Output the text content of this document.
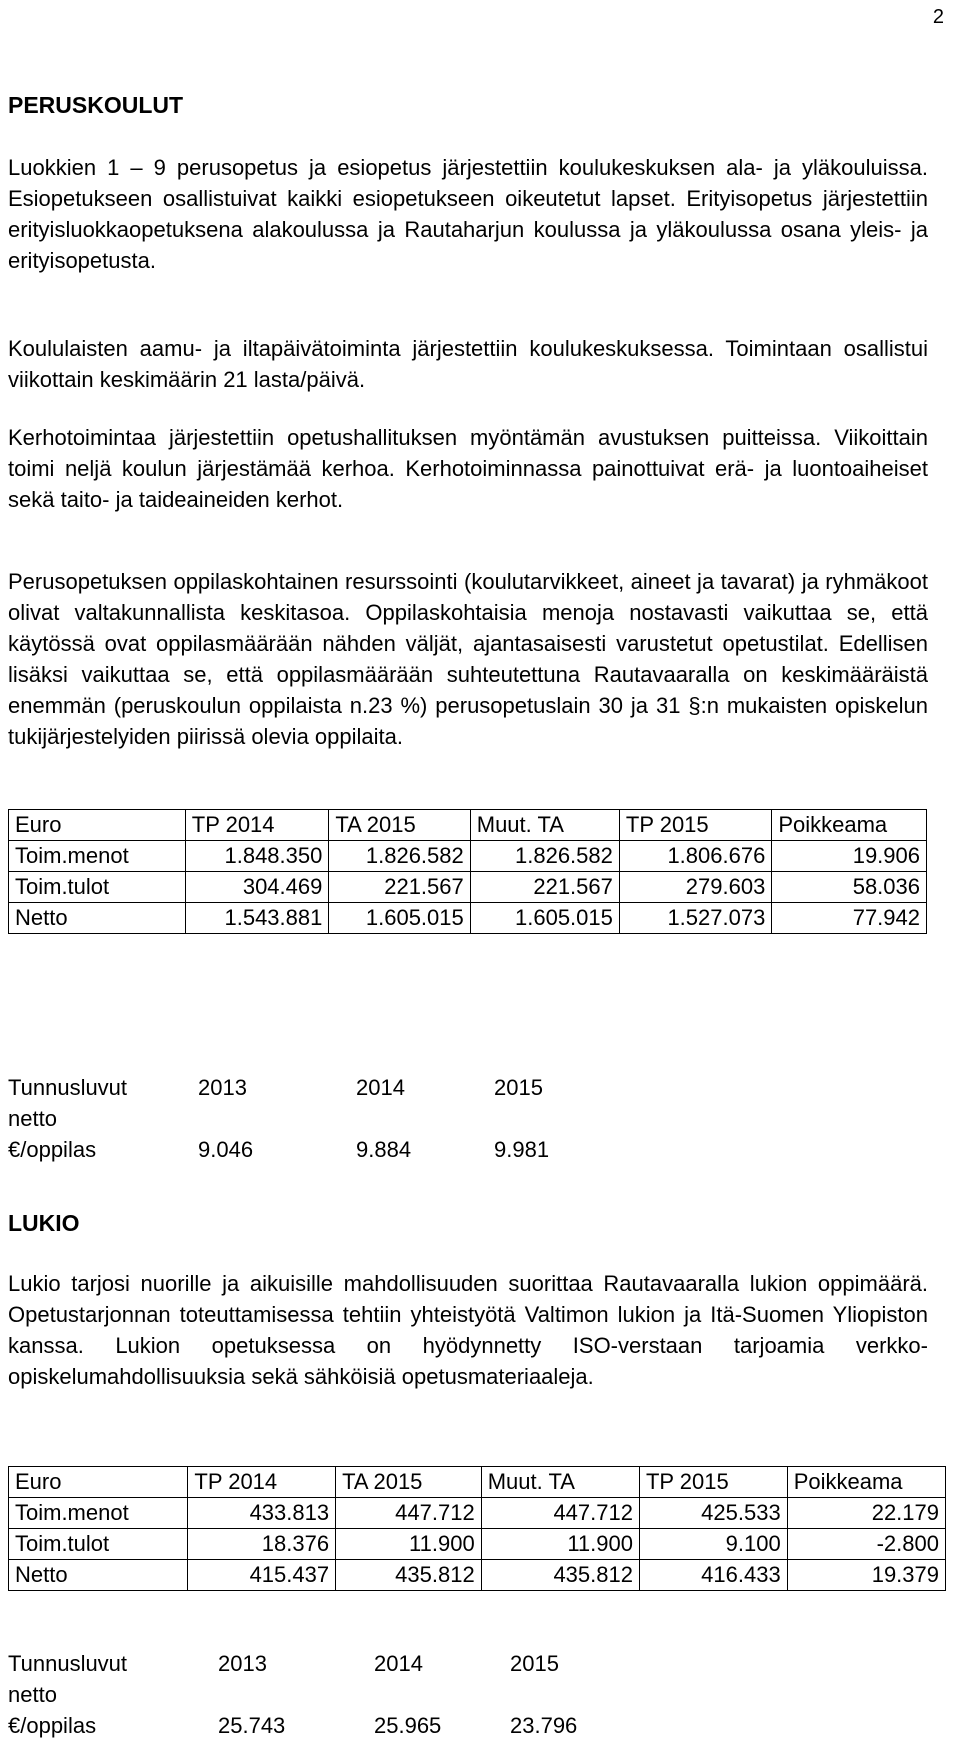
2
PERUSKOULUT
Luokkien 1 – 9 perusopetus ja esiopetus järjestettiin koulukeskuksen ala- ja yläkouluissa. Esiopetukseen osallistuivat kaikki esiopetukseen oikeutetut lapset. Erityisopetus järjestettiin erityisluokkaopetuksena alakoulussa ja Rautaharjun koulussa ja yläkoulussa osana yleis- ja erityisopetusta.
Koululaisten aamu- ja iltapäivätoiminta järjestettiin koulukeskuksessa. Toimintaan osallistui viikottain keskimäärin 21 lasta/päivä.
Kerhotoimintaa järjestettiin opetushallituksen myöntämän avustuksen puitteissa. Viikoittain toimi neljä koulun järjestämää kerhoa. Kerhotoiminnassa painottuivat erä- ja luontoaiheiset sekä taito- ja taideaineiden kerhot.
Perusopetuksen oppilaskohtainen resurssointi (koulutarvikkeet, aineet ja tavarat) ja ryhmäkoot olivat valtakunnallista keskitasoa. Oppilaskohtaisia menoja nostavasti vaikuttaa se, että käytössä ovat oppilasmäärään nähden väljät, ajantasaisesti varustetut opetustilat. Edellisen lisäksi vaikuttaa se, että oppilasmäärään suhteutettuna Rautavaaralla on keskimääräistä enemmän (peruskoulun oppilaista n.23 %) perusopetuslain 30 ja 31 §:n mukaisten opiskelun tukijärjestelyiden piirissä olevia oppilaita.
Euro	TP 2014	TA 2015	Muut. TA	TP 2015	Poikkeama
Toim.menot	1.848.350	1.826.582	1.826.582	1.806.676	19.906
Toim.tulot	304.469	221.567	221.567	279.603	58.036
Netto	1.543.881	1.605.015	1.605.015	1.527.073	77.942
Tunnusluvut	2013	2014	2015
netto
€/oppilas	9.046	9.884	9.981
LUKIO
Lukio tarjosi nuorille ja aikuisille mahdollisuuden suorittaa Rautavaaralla lukion oppimäärä. Opetustarjonnan toteuttamisessa tehtiin yhteistyötä Valtimon lukion ja Itä-Suomen Yliopiston kanssa. Lukion opetuksessa on hyödynnetty ISO-verstaan tarjoamia verkko-opiskelumahdollisuuksia sekä sähköisiä opetusmateriaaleja.
Euro	TP 2014	TA 2015	Muut. TA	TP 2015	Poikkeama
Toim.menot	433.813	447.712	447.712	425.533	22.179
Toim.tulot	18.376	11.900	11.900	9.100	-2.800
Netto	415.437	435.812	435.812	416.433	19.379
Tunnusluvut	2013	2014	2015
netto
€/oppilas	25.743	25.965	23.796
